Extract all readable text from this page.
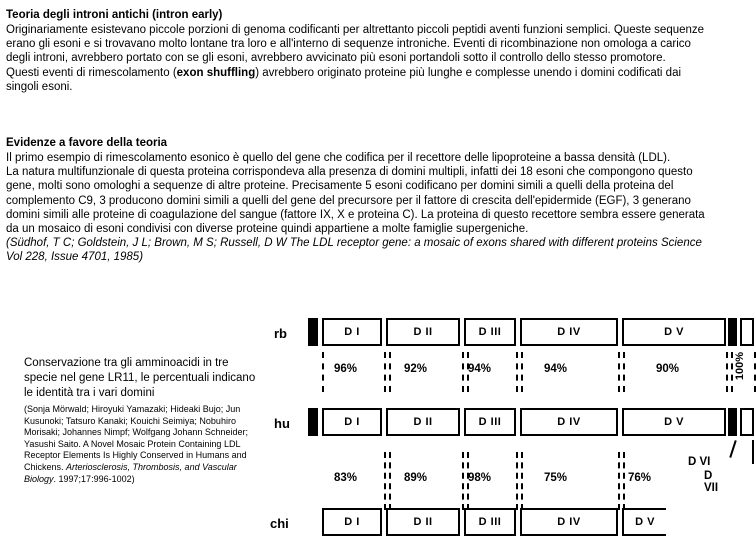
Teoria degli introni antichi (intron early)

Originariamente esistevano piccole porzioni di genoma codificanti per altrettanto piccoli peptidi aventi funzioni semplici. Queste sequenze erano gli esoni e si trovavano molto lontane tra loro e all'interno di sequenze introniche. Eventi di ricombinazione non omologa a carico degli introni, avrebbero portato con se gli esoni, avrebbero avvicinato più esoni portandoli sotto il controllo dello stesso promotore.

Questi eventi di rimescolamento (exon shuffling) avrebbero originato proteine più lunghe e complesse unendo i domini codificati dai singoli esoni.

Evidenze a favore della teoria

Il primo esempio di rimescolamento esonico è quello del gene che codifica per il recettore delle lipoproteine a bassa densità (LDL).

La natura multifunzionale di questa proteina corrispondeva alla presenza di domini multipli, infatti dei 18 esoni che compongono questo gene, molti sono omologhi a sequenze di altre proteine. Precisamente 5 esoni codificano per domini simili a quelli della proteina del complemento C9, 3 producono domini simili a quelli del gene del precursore per il fattore di crescita dell'epidermide (EGF), 3 generano domini simili alle proteine di coagulazione del sangue (fattore IX, X e proteina C). La proteina di questo recettore sembra essere generata da un mosaico di esoni condivisi con diverse proteine quindi appartiene a molte famiglie supergeniche.

(Südhof, T C; Goldstein, J L; Brown, M S; Russell, D W The LDL receptor gene: a mosaic of exons shared with different proteins Science Vol 228, Issue 4701, 1985)

Conservazione tra gli amminoacidi in tre specie nel gene LR11, le percentuali indicano le identità tra i vari domini

(Sonja Mörwald; Hiroyuki Yamazaki; Hideaki Bujo; Jun Kusunoki; Tatsuro Kanaki; Kouichi Seimiya; Nobuhiro Morisaki; Johannes Nimpf; Wolfgang Johann Schneider; Yasushi Saito. A Novel Mosaic Protein Containing LDL Receptor Elements Is Highly Conserved in Humans and Chickens. Arteriosclerosis, Thrombosis, and Vascular Biology. 1997;17:996-1002)

rb	D I	D II	D III	D IV	D V
96%	92%	94%	94%	90%	100%
hu	D I	D II	D III	D IV	D V
D VI
D VII
83%	89%	98%	75%	76%
chi	D I	D II	D III	D IV	D V
